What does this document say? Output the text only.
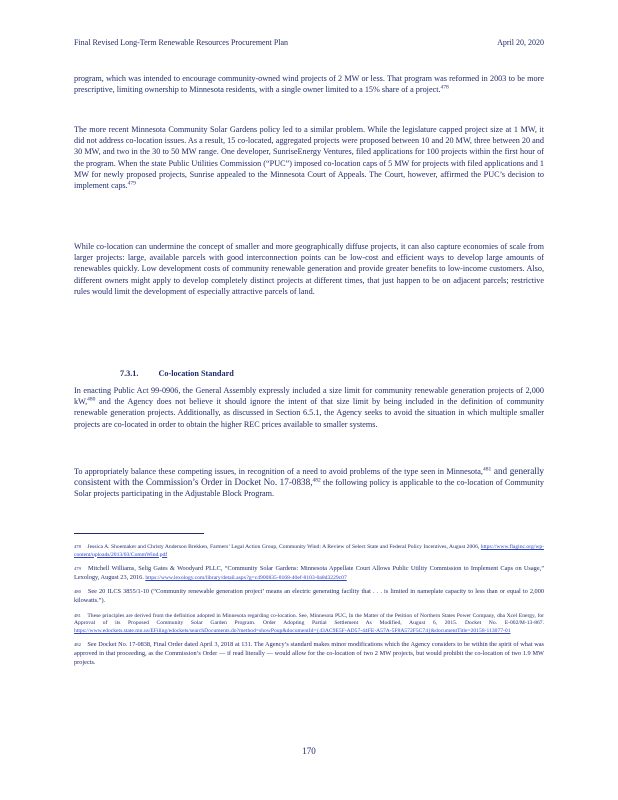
Final Revised Long-Term Renewable Resources Procurement Plan	April 20, 2020
program, which was intended to encourage community-owned wind projects of 2 MW or less. That program was reformed in 2003 to be more prescriptive, limiting ownership to Minnesota residents, with a single owner limited to a 15% share of a project.$^{478}$
The more recent Minnesota Community Solar Gardens policy led to a similar problem. While the legislature capped project size at 1 MW, it did not address co-location issues. As a result, 15 co-located, aggregated projects were proposed between 10 and 20 MW, three between 20 and 30 MW, and two in the 30 to 50 MW range. One developer, SunriseEnergy Ventures, filed applications for 100 projects within the first hour of the program. When the state Public Utilities Commission (“PUC”) imposed co-location caps of 5 MW for projects with filed applications and 1 MW for newly proposed projects, Sunrise appealed to the Minnesota Court of Appeals. The Court, however, affirmed the PUC’s decision to implement caps.$^{479}$
While co-location can undermine the concept of smaller and more geographically diffuse projects, it can also capture economies of scale from larger projects: large, available parcels with good interconnection points can be low-cost and efficient ways to develop large amounts of renewables quickly. Low development costs of community renewable generation and provide greater benefits to low-income customers. Also, different owners might apply to develop completely distinct projects at different times, that just happen to be on adjacent parcels; restrictive rules would limit the development of especially attractive parcels of land.
7.3.1. Co-location Standard
In enacting Public Act 99-0906, the General Assembly expressly included a size limit for community renewable generation projects of 2,000 kW,$^{480}$ and the Agency does not believe it should ignore the intent of that size limit by being included in the definition of community renewable generation projects. Additionally, as discussed in Section 6.5.1, the Agency seeks to avoid the situation in which multiple smaller projects are co-located in order to obtain the higher REC prices available to smaller systems.
To appropriately balance these competing issues, in recognition of a need to avoid problems of the type seen in Minnesota,$^{481}$ and generally consistent with the Commission’s Order in Docket No. 17-0838,$^{482}$ the following policy is applicable to the co-location of Community Solar projects participating in the Adjustable Block Program.
478 Jessica A. Shoemaker and Christy Anderson Brekken, Farmers’ Legal Action Group, Community Wind: A Review of Select State and Federal Policy Incentives, August 2006, https://www.flaginc.org/wp-content/uploads/2013/03/CommWind.pdf
479 Mitchell Williams, Selig Gates & Woodyard PLLC, “Community Solar Gardens: Minnesota Appellate Court Allows Public Utility Commission to Implement Caps on Usage,” Lexology, August 23, 2016. https://www.lexology.com/library/detail.aspx?g=c4900835-8168-40ef-8103-0a8d3229c07
480 See 20 ILCS 3855/1-10 (“Community renewable generation project’ means an electric generating facility that . . . is limited in nameplate capacity to less than or equal to 2,000 kilowatts.”).
481 These principles are derived from the definition adopted in Minnesota regarding co-location. See, Minnesota PUC, In the Matter of the Petition of Northern States Power Company, dba Xcel Energy, for Approval of its Proposed Community Solar Garden Program. Order Adopting Partial Settlement As Modified, August 6, 2015. Docket No. E-002/M-13-867. https://www.edockets.state.mn.us/EFiling/edockets/searchDocuments.do?method=showPoup&documentId={43AC9E5F-AD57-44FE-A57A-5F8A572F5C74}&documentTitle=20158-113077-01
482 See Docket No. 17-0838, Final Order dated April 3, 2018 at 131. The Agency’s standard makes minor modifications which the Agency considers to be within the spirit of what was approved in that proceeding, as the Commission’s Order — if read literally — would allow for the co-location of two 2 MW projects, but would prohibit the co-location of two 1.9 MW projects.
170
